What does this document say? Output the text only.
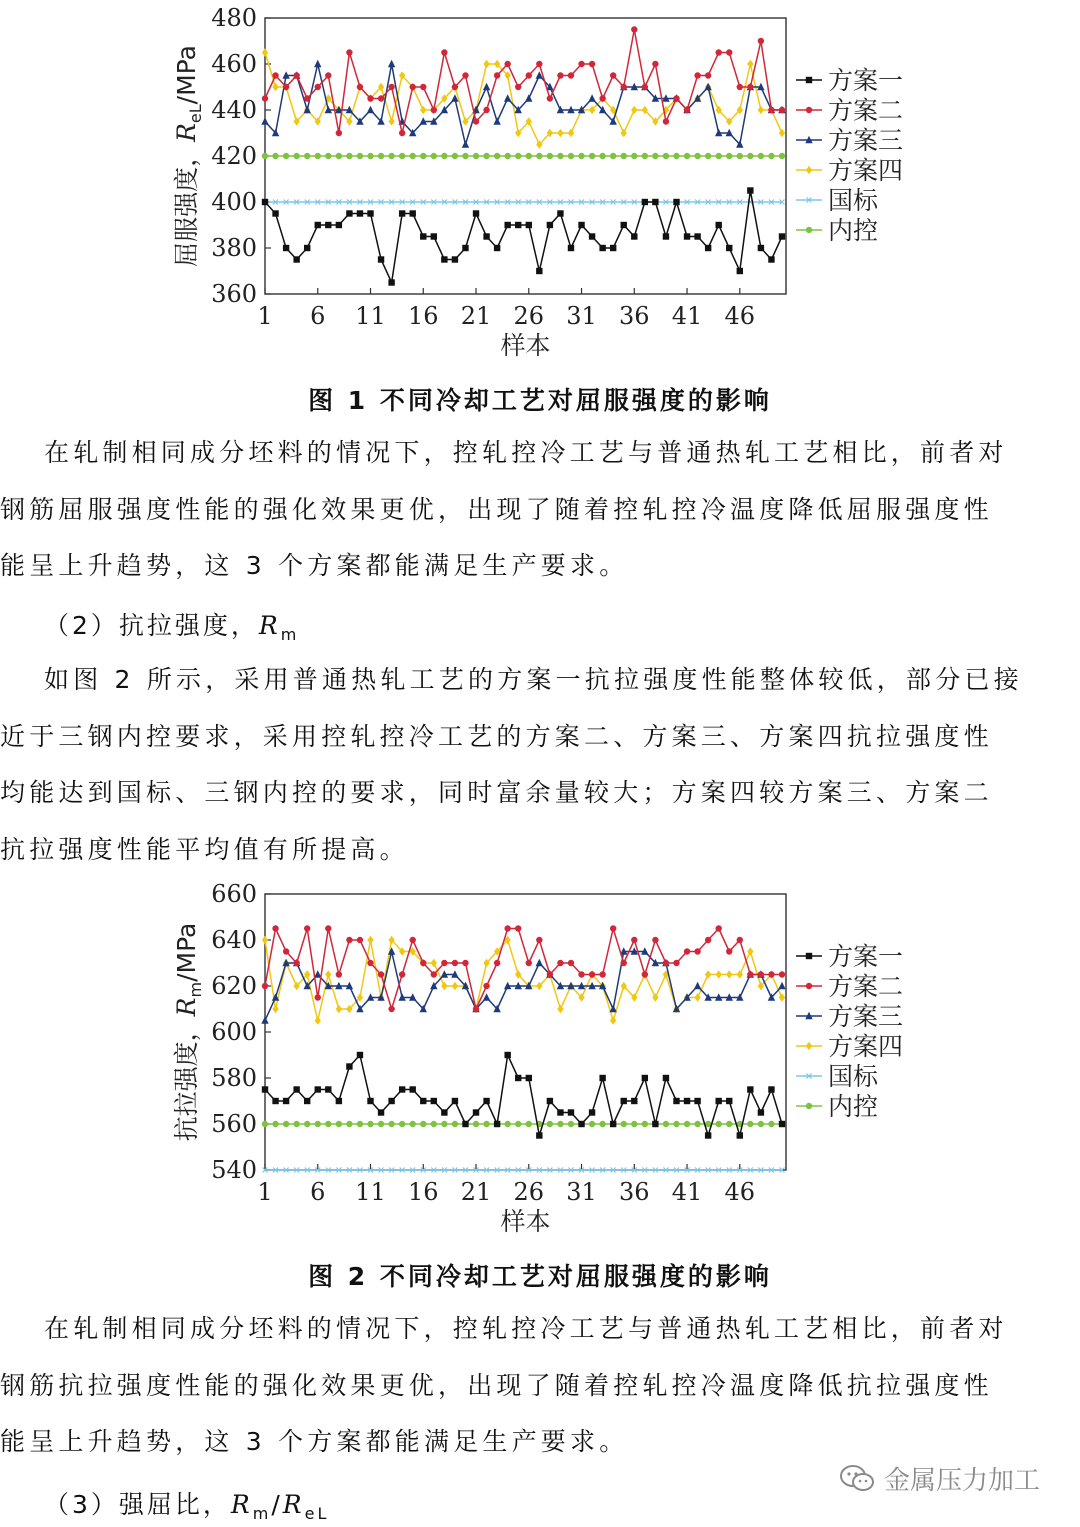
360
380
400
420
440
460
480
1 6 11 16 21 26 31 36 41 46
样本
屈服强度，$R_{eL}$/MPa	方案一
方案二
方案三
方案四
国标
内控
图 1 不同冷却工艺对屈服强度的影响

在轧制相同成分坯料的情况下，控轧控冷工艺与普通热轧工艺相比，前者对

钢筋屈服强度性能的强化效果更优，出现了随着控轧控冷温度降低屈服强度性

能呈上升趋势，这 3 个方案都能满足生产要求。

（2）抗拉强度，$R_m$

如图 2 所示，采用普通热轧工艺的方案一抗拉强度性能整体较低，部分已接

近于三钢内控要求，采用控轧控冷工艺的方案二、方案三、方案四抗拉强度性

均能达到国标、三钢内控的要求，同时富余量较大；方案四较方案三、方案二

抗拉强度性能平均值有所提高。

540
560
580
600
620
640
660
1 6 11 16 21 26 31 36 41 46
样本
抗拉强度，$R_m$/MPa	方案一
方案二
方案三
方案四
国标
内控
图 2 不同冷却工艺对屈服强度的影响

在轧制相同成分坯料的情况下，控轧控冷工艺与普通热轧工艺相比，前者对

钢筋抗拉强度性能的强化效果更优，出现了随着控轧控冷温度降低抗拉强度性

能呈上升趋势，这 3 个方案都能满足生产要求。

（3）强屈比，$R_m/R_{eL}$
金属压力加工
